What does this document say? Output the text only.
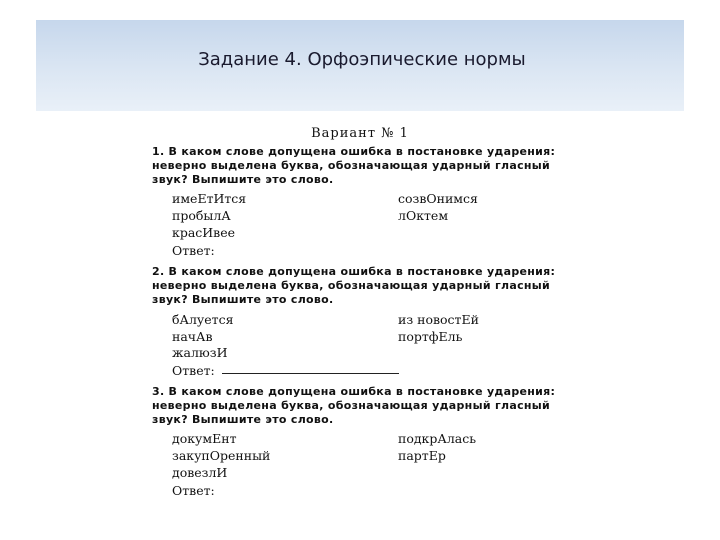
Задание 4. Орфоэпические нормы
Вариант № 1
1. В каком слове допущена ошибка в постановке ударения: неверно выделена буква, обозначающая ударный гласный звук? Выпишите это слово.
имеЕтИтся
пробылА
красИвее
созвОнимся
лОктем
Ответ:
2. В каком слове допущена ошибка в постановке ударения: неверно выделена буква, обозначающая ударный гласный звук? Выпишите это слово.
бАлуется
начАв
жалюзИ
из новостЕй
портфЕль
Ответ:
3. В каком слове допущена ошибка в постановке ударения: неверно выделена буква, обозначающая ударный гласный звук? Выпишите это слово.
докумЕнт
закупОренный
довезлИ
подкрАлась
партЕр
Ответ:
